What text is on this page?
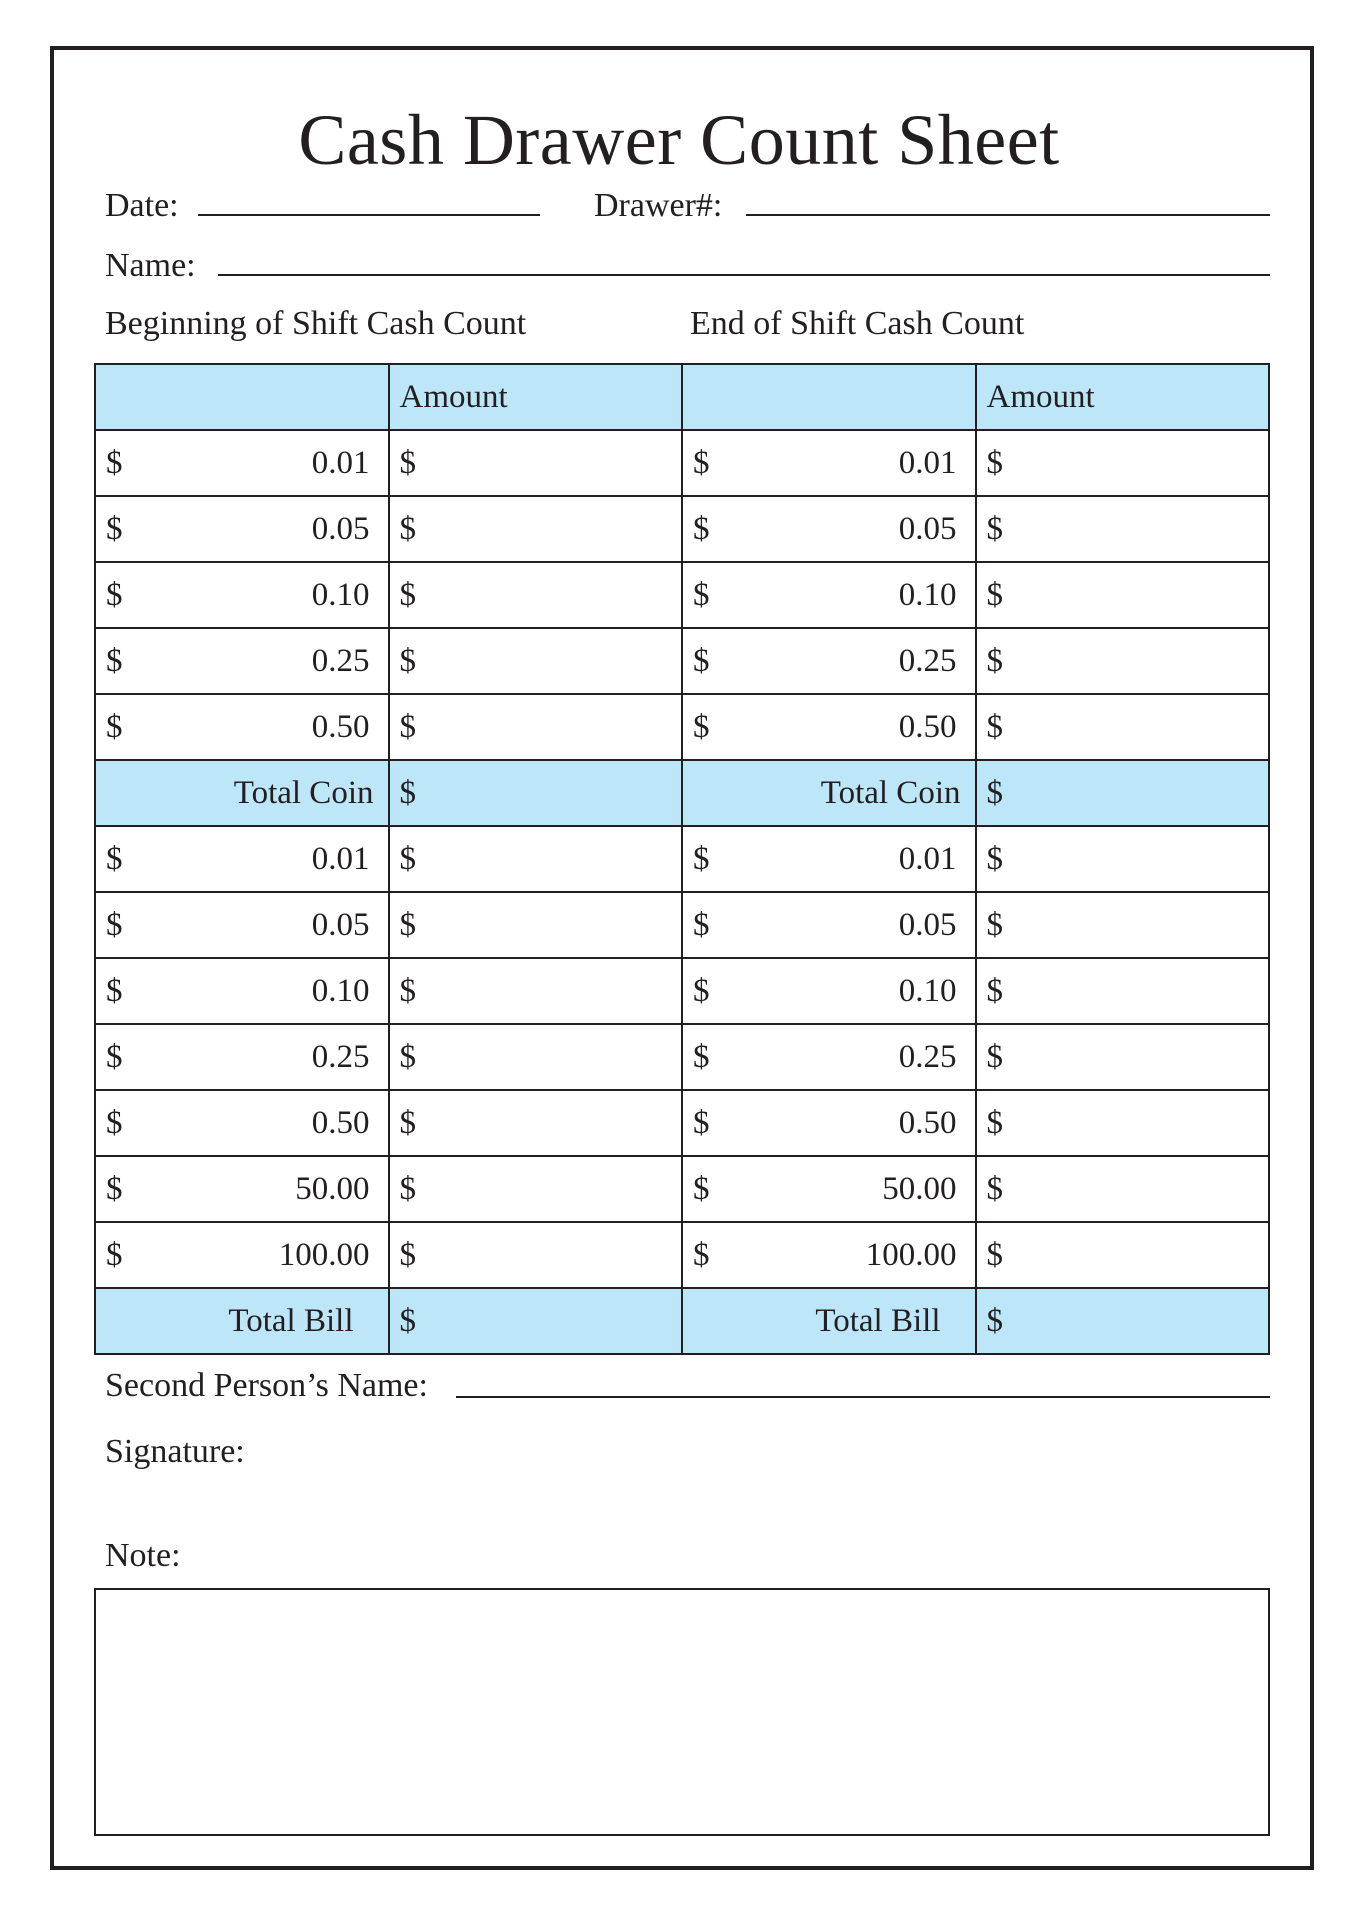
Cash Drawer Count Sheet
Date:	Drawer#:
Name:
Beginning of Shift Cash Count	End of Shift Cash Count

	Amount		Amount

$ 0.01	$	$ 0.01	$

$ 0.05	$	$ 0.05	$

$ 0.10	$	$ 0.10	$

$ 0.25	$	$ 0.25	$

$ 0.50	$	$ 0.50	$

Total Coin	$	Total Coin	$

$ 0.01	$	$ 0.01	$

$ 0.05	$	$ 0.05	$

$ 0.10	$	$ 0.10	$

$ 0.25	$	$ 0.25	$

$ 0.50	$	$ 0.50	$

$ 50.00	$	$ 50.00	$

$ 100.00	$	$ 100.00	$

Total Bill	$	Total Bill	$
Second Person’s Name:
Signature:
Note:
